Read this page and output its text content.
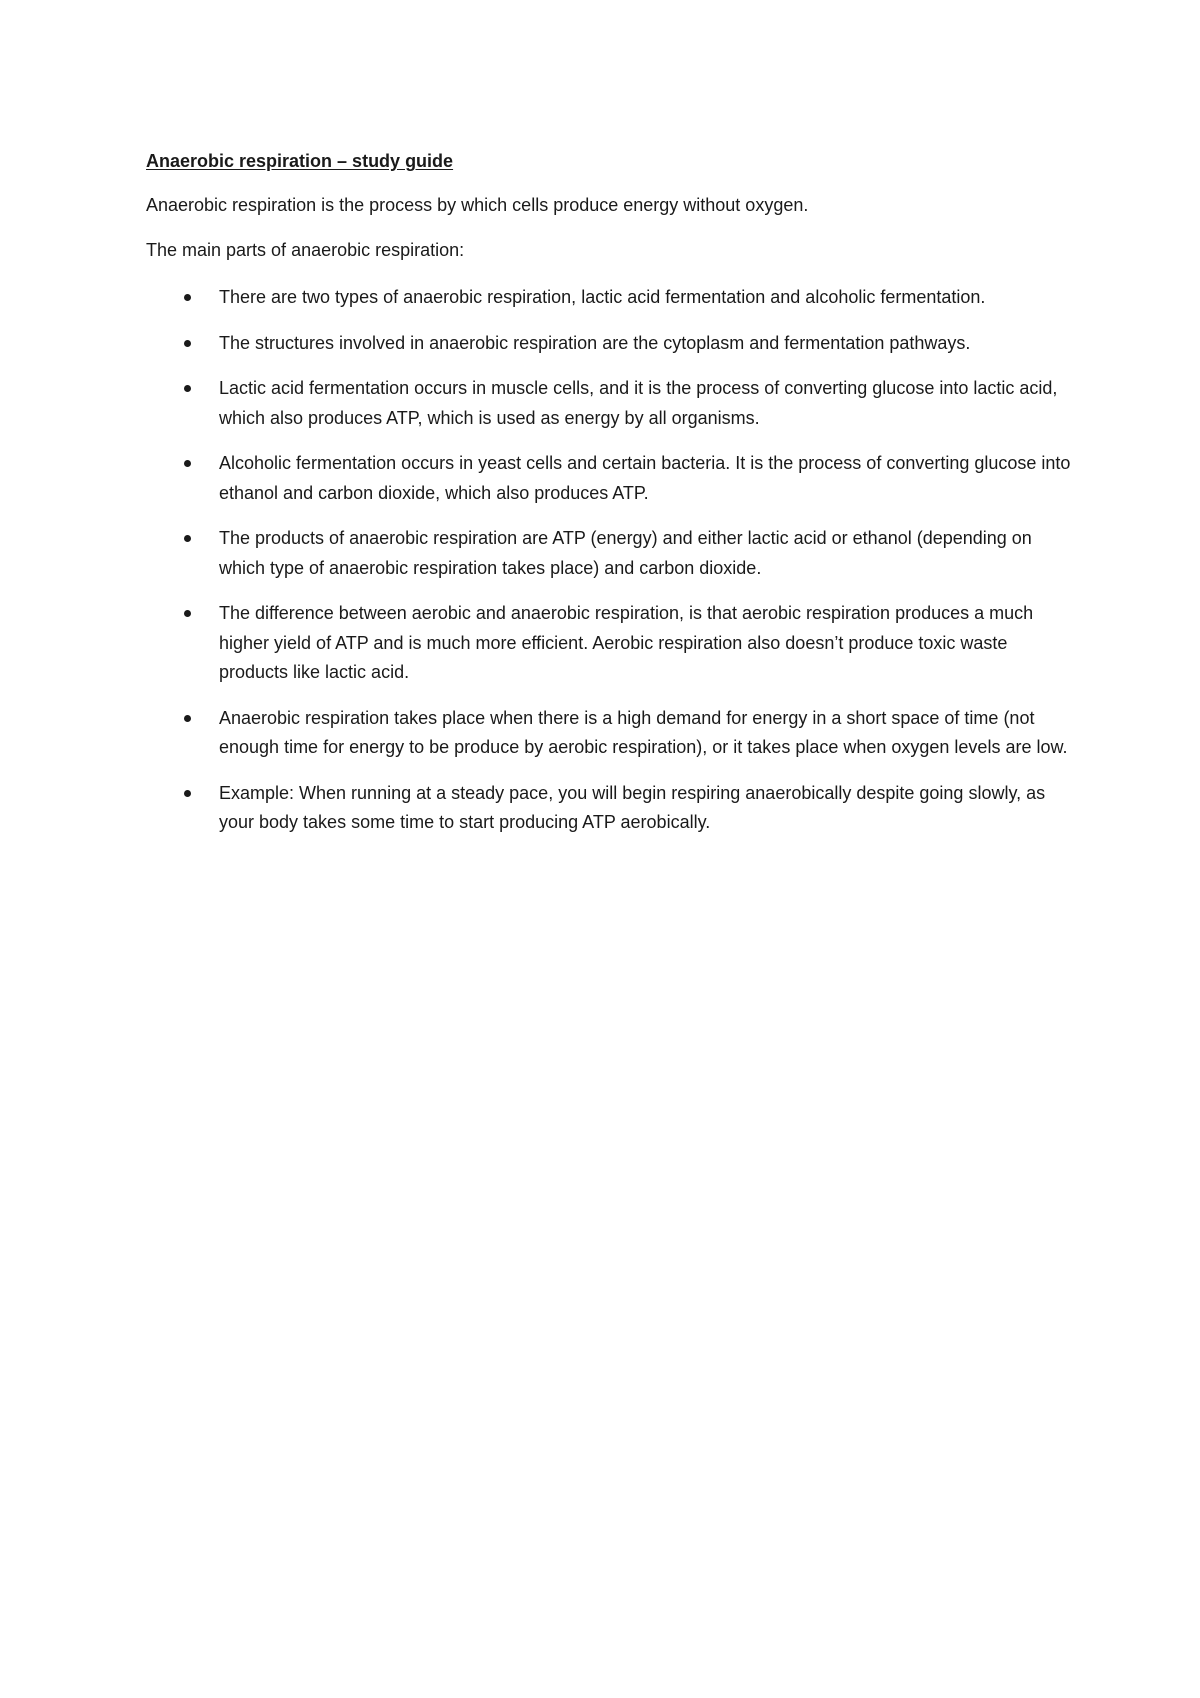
Anaerobic respiration – study guide

Anaerobic respiration is the process by which cells produce energy without oxygen.

The main parts of anaerobic respiration:

There are two types of anaerobic respiration, lactic acid fermentation and alcoholic fermentation.
The structures involved in anaerobic respiration are the cytoplasm and fermentation pathways.
Lactic acid fermentation occurs in muscle cells, and it is the process of converting glucose into lactic acid, which also produces ATP, which is used as energy by all organisms.
Alcoholic fermentation occurs in yeast cells and certain bacteria. It is the process of converting glucose into ethanol and carbon dioxide, which also produces ATP.
The products of anaerobic respiration are ATP (energy) and either lactic acid or ethanol (depending on which type of anaerobic respiration takes place) and carbon dioxide.
The difference between aerobic and anaerobic respiration, is that aerobic respiration produces a much higher yield of ATP and is much more efficient. Aerobic respiration also doesn’t produce toxic waste products like lactic acid.
Anaerobic respiration takes place when there is a high demand for energy in a short space of time (not enough time for energy to be produce by aerobic respiration), or it takes place when oxygen levels are low.
Example: When running at a steady pace, you will begin respiring anaerobically despite going slowly, as your body takes some time to start producing ATP aerobically.
